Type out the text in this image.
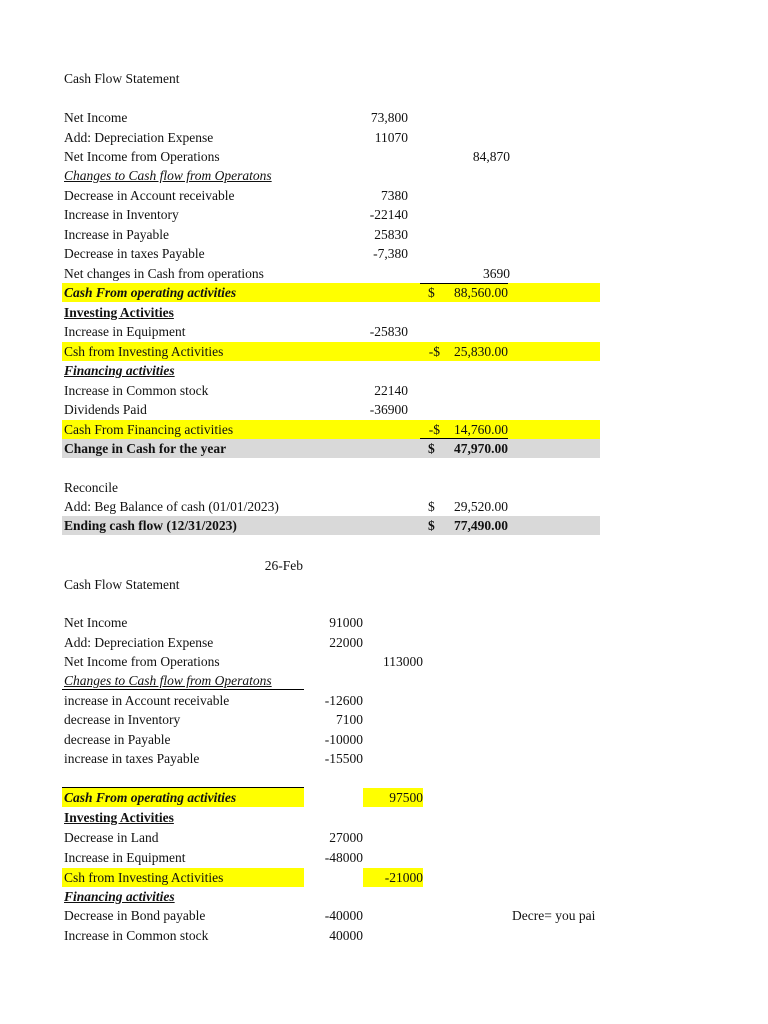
Cash Flow Statement
Net Income	73,800
Add: Depreciation Expense	11070
Net Income from Operations	84,870
Changes to Cash flow from Operatons
Decrease in Account receivable	7380
Increase in Inventory	-22140
Increase in Payable	25830
Decrease in taxes Payable	-7,380
Net changes in Cash from operations	3690
Cash From operating activities	$	88,560.00
Investing Activities
Increase in Equipment	-25830
Csh from Investing Activities	-$	25,830.00
Financing activities
Increase in Common stock	22140
Dividends Paid	-36900
Cash From Financing activities	-$	14,760.00
Change in Cash for the year	$	47,970.00
Reconcile
Add: Beg Balance of cash (01/01/2023)	$	29,520.00
Ending cash flow (12/31/2023)	$	77,490.00
26-Feb
Cash Flow Statement
Net Income	91000
Add: Depreciation Expense	22000
Net Income from Operations	113000
Changes to Cash flow from Operatons
increase in Account receivable	-12600
decrease in Inventory	7100
decrease in Payable	-10000
increase in taxes Payable	-15500
Cash From operating activities	97500
Investing Activities
Decrease in Land	27000
Increase in Equipment	-48000
Csh from Investing Activities	-21000
Financing activities
Decrease in Bond payable	-40000	Decre= you pai
Increase in Common stock	40000
